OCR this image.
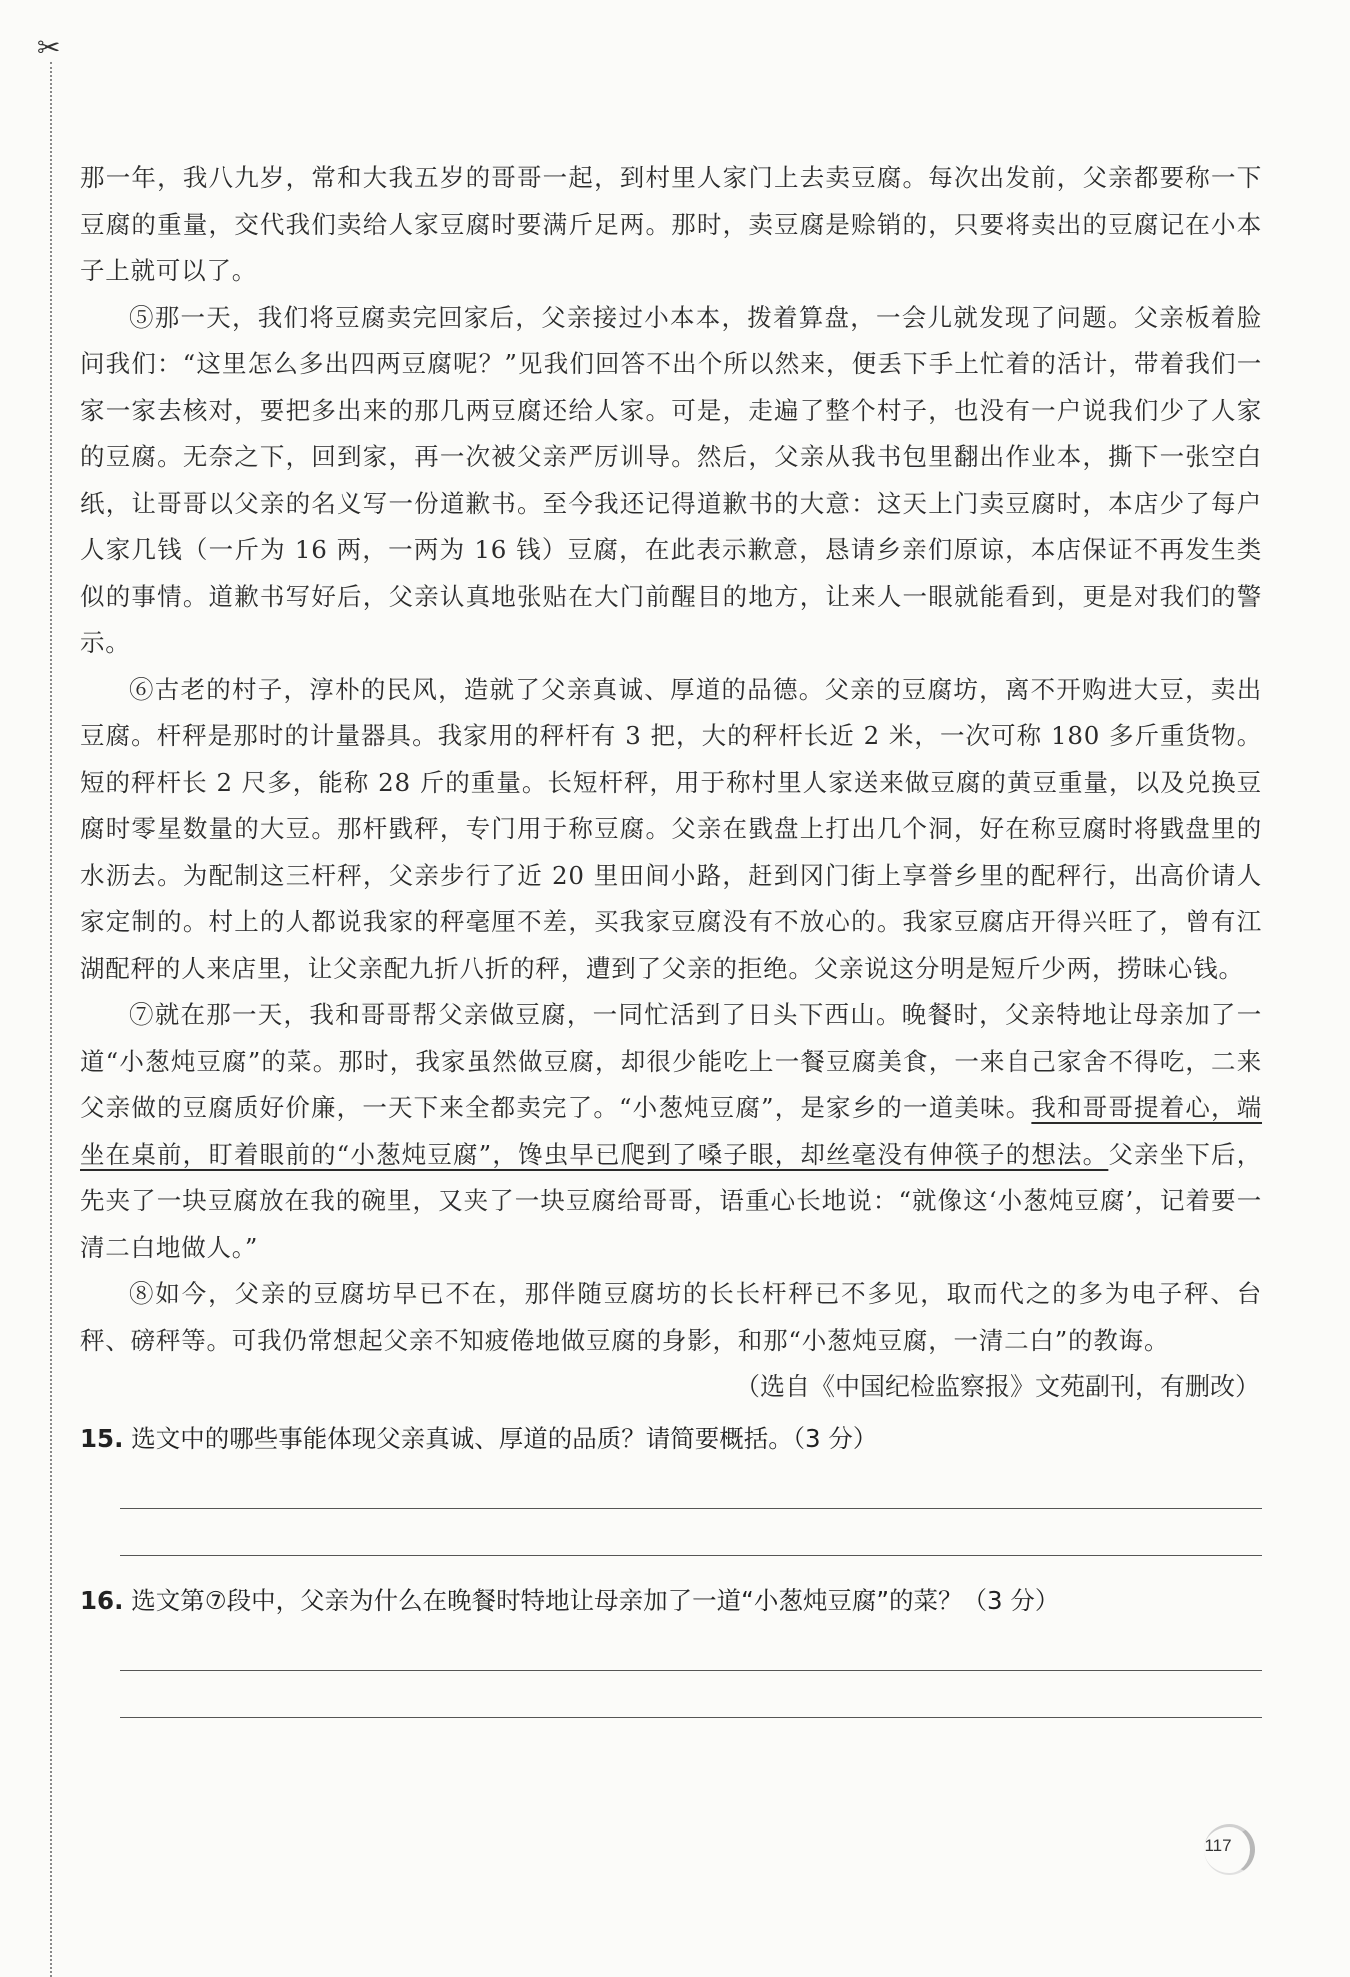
✂

那一年，我八九岁，常和大我五岁的哥哥一起，到村里人家门上去卖豆腐。每次出发前，父亲都要称一下豆腐的重量，交代我们卖给人家豆腐时要满斤足两。那时，卖豆腐是赊销的，只要将卖出的豆腐记在小本子上就可以了。

⑤那一天，我们将豆腐卖完回家后，父亲接过小本本，拨着算盘，一会儿就发现了问题。父亲板着脸问我们：“这里怎么多出四两豆腐呢？”见我们回答不出个所以然来，便丢下手上忙着的活计，带着我们一家一家去核对，要把多出来的那几两豆腐还给人家。可是，走遍了整个村子，也没有一户说我们少了人家的豆腐。无奈之下，回到家，再一次被父亲严厉训导。然后，父亲从我书包里翻出作业本，撕下一张空白纸，让哥哥以父亲的名义写一份道歉书。至今我还记得道歉书的大意：这天上门卖豆腐时，本店少了每户人家几钱（一斤为 16 两，一两为 16 钱）豆腐，在此表示歉意，恳请乡亲们原谅，本店保证不再发生类似的事情。道歉书写好后，父亲认真地张贴在大门前醒目的地方，让来人一眼就能看到，更是对我们的警示。

⑥古老的村子，淳朴的民风，造就了父亲真诚、厚道的品德。父亲的豆腐坊，离不开购进大豆，卖出豆腐。杆秤是那时的计量器具。我家用的秤杆有 3 把，大的秤杆长近 2 米，一次可称 180 多斤重货物。短的秤杆长 2 尺多，能称 28 斤的重量。长短杆秤，用于称村里人家送来做豆腐的黄豆重量，以及兑换豆腐时零星数量的大豆。那杆戥秤，专门用于称豆腐。父亲在戥盘上打出几个洞，好在称豆腐时将戥盘里的水沥去。为配制这三杆秤，父亲步行了近 20 里田间小路，赶到冈门街上享誉乡里的配秤行，出高价请人家定制的。村上的人都说我家的秤毫厘不差，买我家豆腐没有不放心的。我家豆腐店开得兴旺了，曾有江湖配秤的人来店里，让父亲配九折八折的秤，遭到了父亲的拒绝。父亲说这分明是短斤少两，捞昧心钱。

⑦就在那一天，我和哥哥帮父亲做豆腐，一同忙活到了日头下西山。晚餐时，父亲特地让母亲加了一道“小葱炖豆腐”的菜。那时，我家虽然做豆腐，却很少能吃上一餐豆腐美食，一来自己家舍不得吃，二来父亲做的豆腐质好价廉，一天下来全都卖完了。“小葱炖豆腐”，是家乡的一道美味。我和哥哥提着心，端坐在桌前，盯着眼前的“小葱炖豆腐”，馋虫早已爬到了嗓子眼，却丝毫没有伸筷子的想法。父亲坐下后，先夹了一块豆腐放在我的碗里，又夹了一块豆腐给哥哥，语重心长地说：“就像这‘小葱炖豆腐’，记着要一清二白地做人。”

⑧如今，父亲的豆腐坊早已不在，那伴随豆腐坊的长长杆秤已不多见，取而代之的多为电子秤、台秤、磅秤等。可我仍常想起父亲不知疲倦地做豆腐的身影，和那“小葱炖豆腐，一清二白”的教诲。

（选自《中国纪检监察报》文苑副刊，有删改）

15. 选文中的哪些事能体现父亲真诚、厚道的品质？请简要概括。（3 分）
16. 选文第⑦段中，父亲为什么在晚餐时特地让母亲加了一道“小葱炖豆腐”的菜？（3 分）
117
